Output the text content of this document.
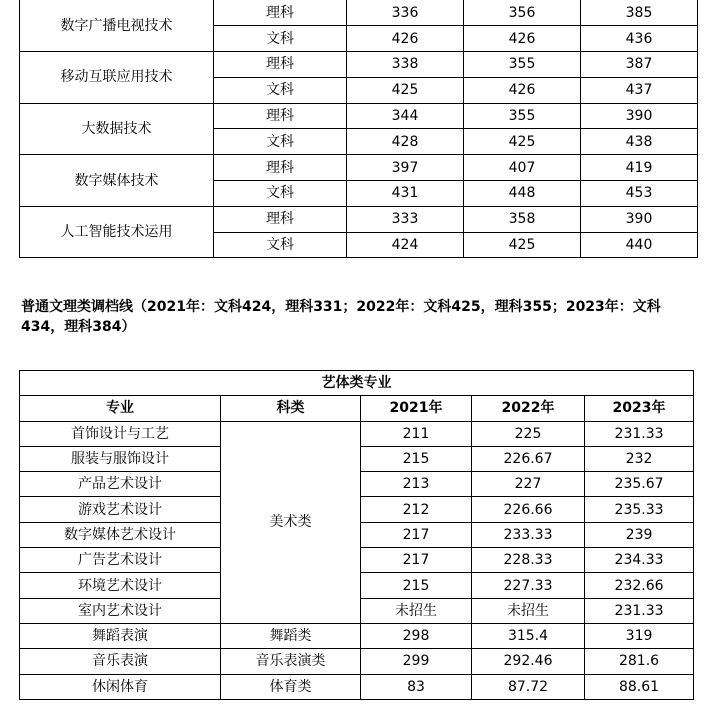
数字广播电视技术	理科	336	356	385
	文科	426	426	436
移动互联应用技术	理科	338	355	387
	文科	425	426	437
大数据技术	理科	344	355	390
	文科	428	425	438
数字媒体技术	理科	397	407	419
	文科	431	448	453
人工智能技术运用	理科	333	358	390
	文科	424	425	440
普通文理类调档线（2021年：文科424，理科331；2022年：文科425，理科355；2023年：文科434，理科384）
艺体类专业				
专业	科类	2021年	2022年	2023年
首饰设计与工艺	美术类	211	225	231.33
服装与服饰设计		215	226.67	232
产品艺术设计		213	227	235.67
游戏艺术设计		212	226.66	235.33
数字媒体艺术设计		217	233.33	239
广告艺术设计		217	228.33	234.33
环境艺术设计		215	227.33	232.66
室内艺术设计		未招生	未招生	231.33
舞蹈表演	舞蹈类	298	315.4	319
音乐表演	音乐表演类	299	292.46	281.6
休闲体育	体育类	83	87.72	88.61
